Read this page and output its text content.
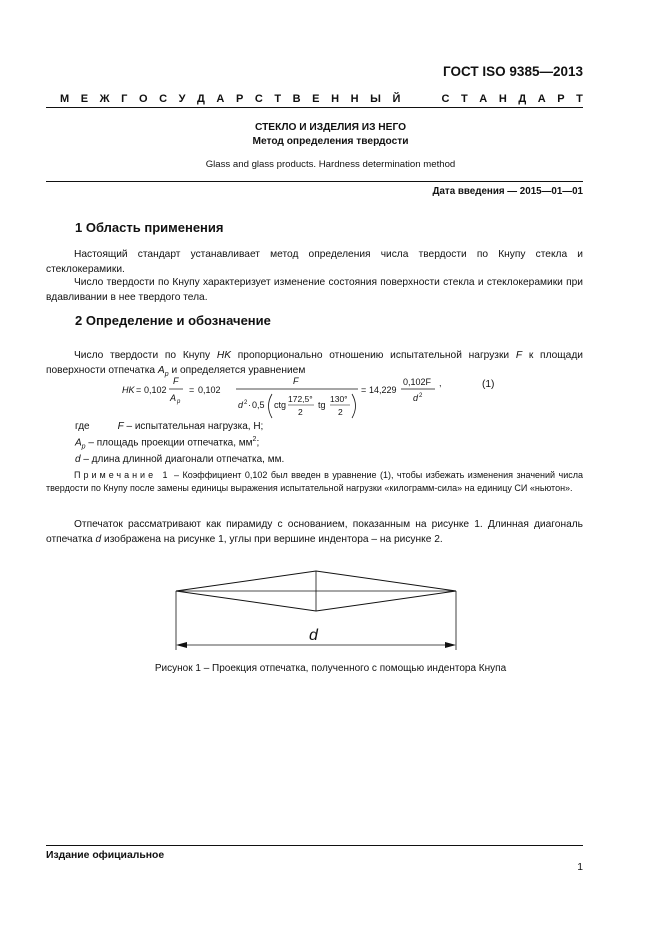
ГОСТ ISO 9385—2013
М Е Ж Г О С У Д А Р С Т В Е Н Н Ы Й	С Т А Н Д А Р Т
СТЕКЛО И ИЗДЕЛИЯ ИЗ НЕГО
Метод определения твердости
Glass and glass products. Hardness determination method
Дата введения — 2015—01—01
1 Область применения
Настоящий стандарт устанавливает метод определения числа твердости по Кнупу стекла и стеклокерамики.
Число твердости по Кнупу характеризует изменение состояния поверхности стекла и стеклокерамики при вдавливании в нее твердого тела.
2 Определение и обозначение
Число твердости по Кнупу HK пропорционально отношению испытательной нагрузки F к площади поверхности отпечатка $A_p$ и определяется уравнением
HK = 0,102
F
A p
= 0,102
F
d 2 · 0,5 ctg
172,5°
2
tg
130°
2
= 14,229
0,102F
d 2
,	(1)
где	F – испытательная нагрузка, Н;
$A_p$ – площадь проекции отпечатка, $мм^2$;
d – длина длинной диагонали отпечатка, мм.
Примечание 1 – Коэффициент 0,102 был введен в уравнение (1), чтобы избежать изменения значений числа твердости по Кнупу после замены единицы выражения испытательной нагрузки «килограмм-сила» на единицу СИ «ньютон».
Отпечаток рассматривают как пирамиду с основанием, показанным на рисунке 1. Длинная диагональ отпечатка d изображена на рисунке 1, углы при вершине индентора – на рисунке 2.
d
Рисунок 1 – Проекция отпечатка, полученного с помощью индентора Кнупа
Издание официальное
1
